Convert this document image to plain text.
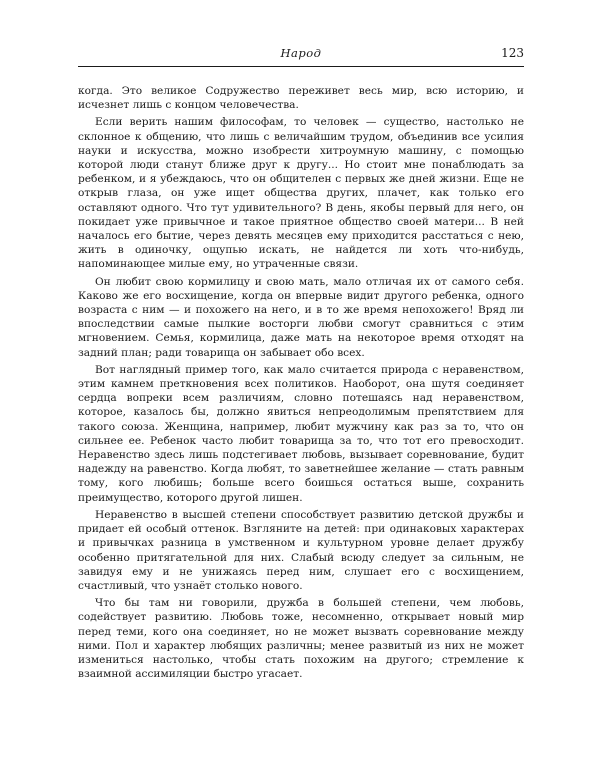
Народ	123

когда. Это великое Содружество переживет весь мир, всю историю, и исчезнет лишь с концом человечества.

Если верить нашим философам, то человек — существо, настолько не склонное к общению, что лишь с величайшим трудом, объединив все усилия науки и искусства, можно изобрести хитроумную машину, с помощью которой люди станут ближе друг к другу... Но стоит мне понаблюдать за ребенком, и я убеждаюсь, что он общителен с первых же дней жизни. Еще не открыв глаза, он уже ищет общества других, плачет, как только его оставляют одного. Что тут удивительного? В день, якобы первый для него, он покидает уже привычное и такое приятное общество своей матери... В ней началось его бытие, через девять месяцев ему приходится расстаться с нею, жить в одиночку, ощупью искать, не найдется ли хоть что-нибудь, напоминающее милые ему, но утраченные связи.

Он любит свою кормилицу и свою мать, мало отличая их от самого себя. Каково же его восхищение, когда он впервые видит другого ребенка, одного возраста с ним — и похожего на него, и в то же время непохожего! Вряд ли впоследствии самые пылкие восторги любви смогут сравниться с этим мгновением. Семья, кормилица, даже мать на некоторое время отходят на задний план; ради товарища он забывает обо всех.

Вот наглядный пример того, как мало считается природа с неравенством, этим камнем преткновения всех политиков. Наоборот, она шутя соединяет сердца вопреки всем различиям, словно потешаясь над неравенством, которое, казалось бы, должно явиться непреодолимым препятствием для такого союза. Женщина, например, любит мужчину как раз за то, что он сильнее ее. Ребенок часто любит товарища за то, что тот его превосходит. Неравенство здесь лишь подстегивает любовь, вызывает соревнование, будит надежду на равенство. Когда любят, то заветнейшее желание — стать равным тому, кого любишь; больше всего боишься остаться выше, сохранить преимущество, которого другой лишен.

Неравенство в высшей степени способствует развитию детской дружбы и придает ей особый оттенок. Взгляните на детей: при одинаковых характерах и привычках разница в умственном и культурном уровне делает дружбу особенно притягательной для них. Слабый всюду следует за сильным, не завидуя ему и не унижаясь перед ним, слушает его с восхищением, счастливый, что узнаёт столько нового.

Что бы там ни говорили, дружба в большей степени, чем любовь, содействует развитию. Любовь тоже, несомненно, открывает новый мир перед теми, кого она соединяет, но не может вызвать соревнование между ними. Пол и характер любящих различны; менее развитый из них не может измениться настолько, чтобы стать похожим на другого; стремление к взаимной ассимиляции быстро угасает.
